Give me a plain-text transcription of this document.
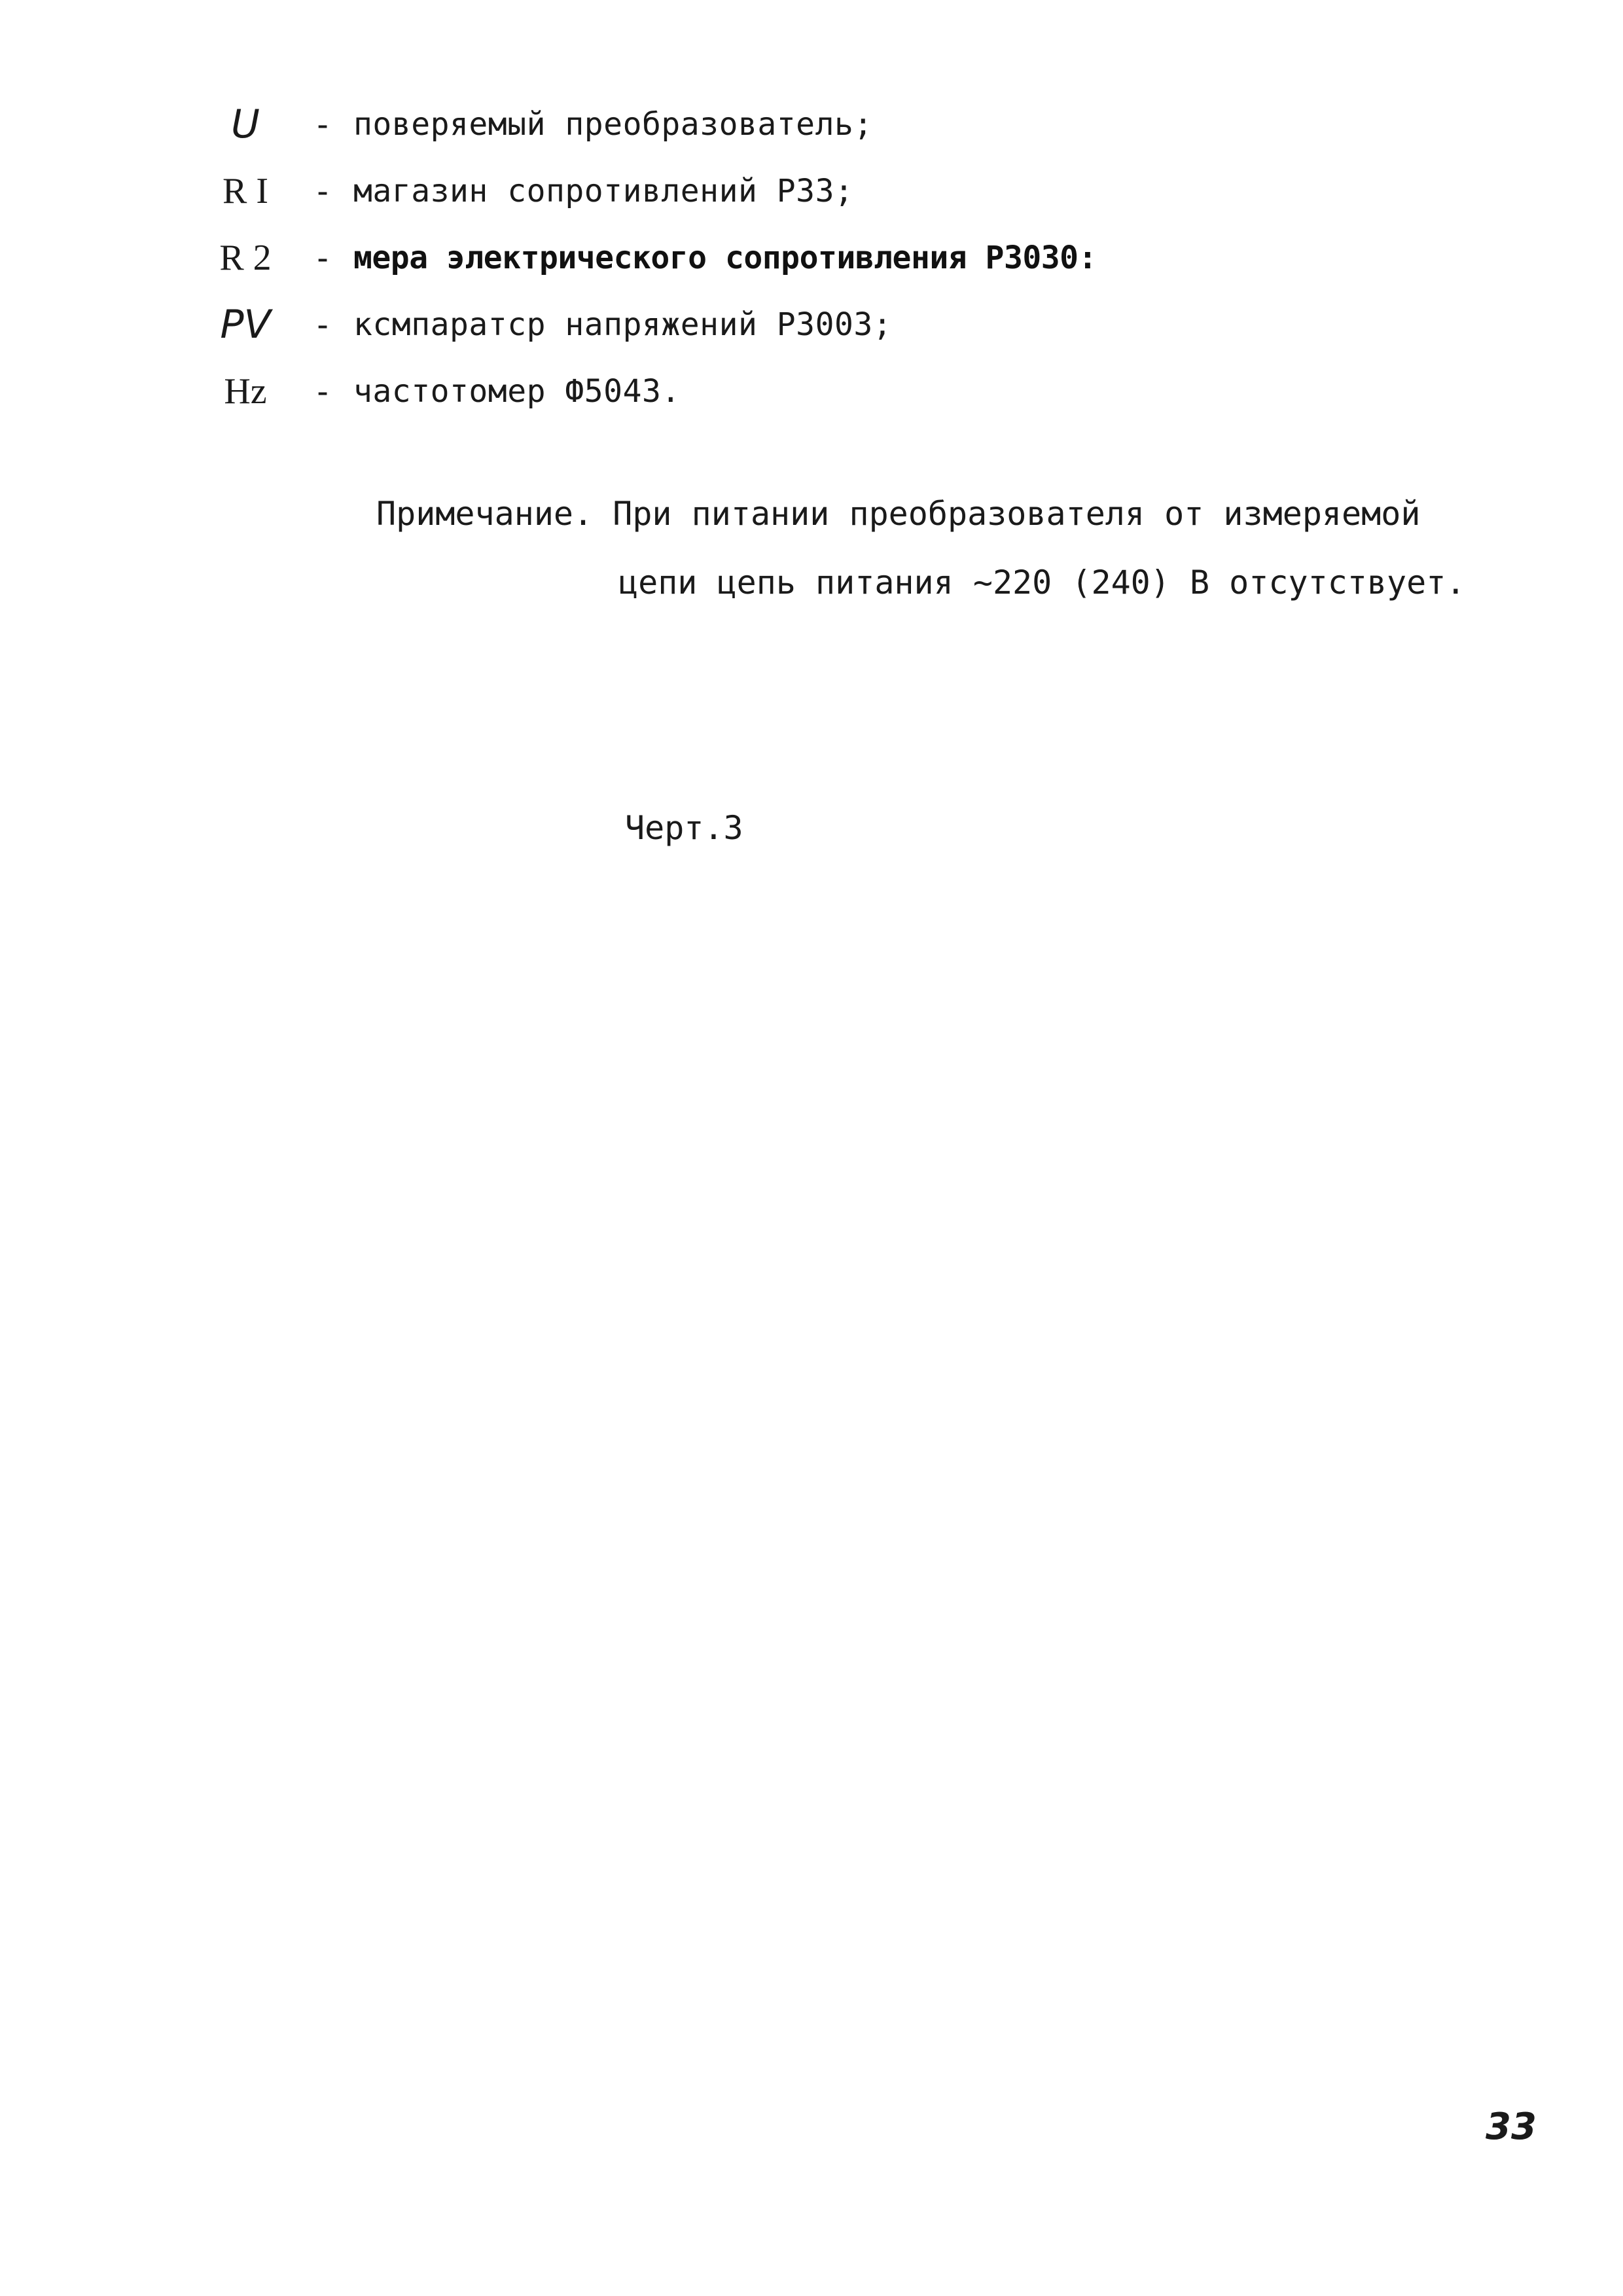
U	- поверяемый преобразователь;
R I	- магазин сопротивлений Р33;
R 2	- мера электрического сопротивления Р3030:
PV	- кcмпаратcр напряжений Р3003;
Hz	- частотомер Ф5043.
Примечание. При питании преобразователя от измеряемой
цепи цепь питания ~220 (240) В отсутствует.
Черт.3
33
